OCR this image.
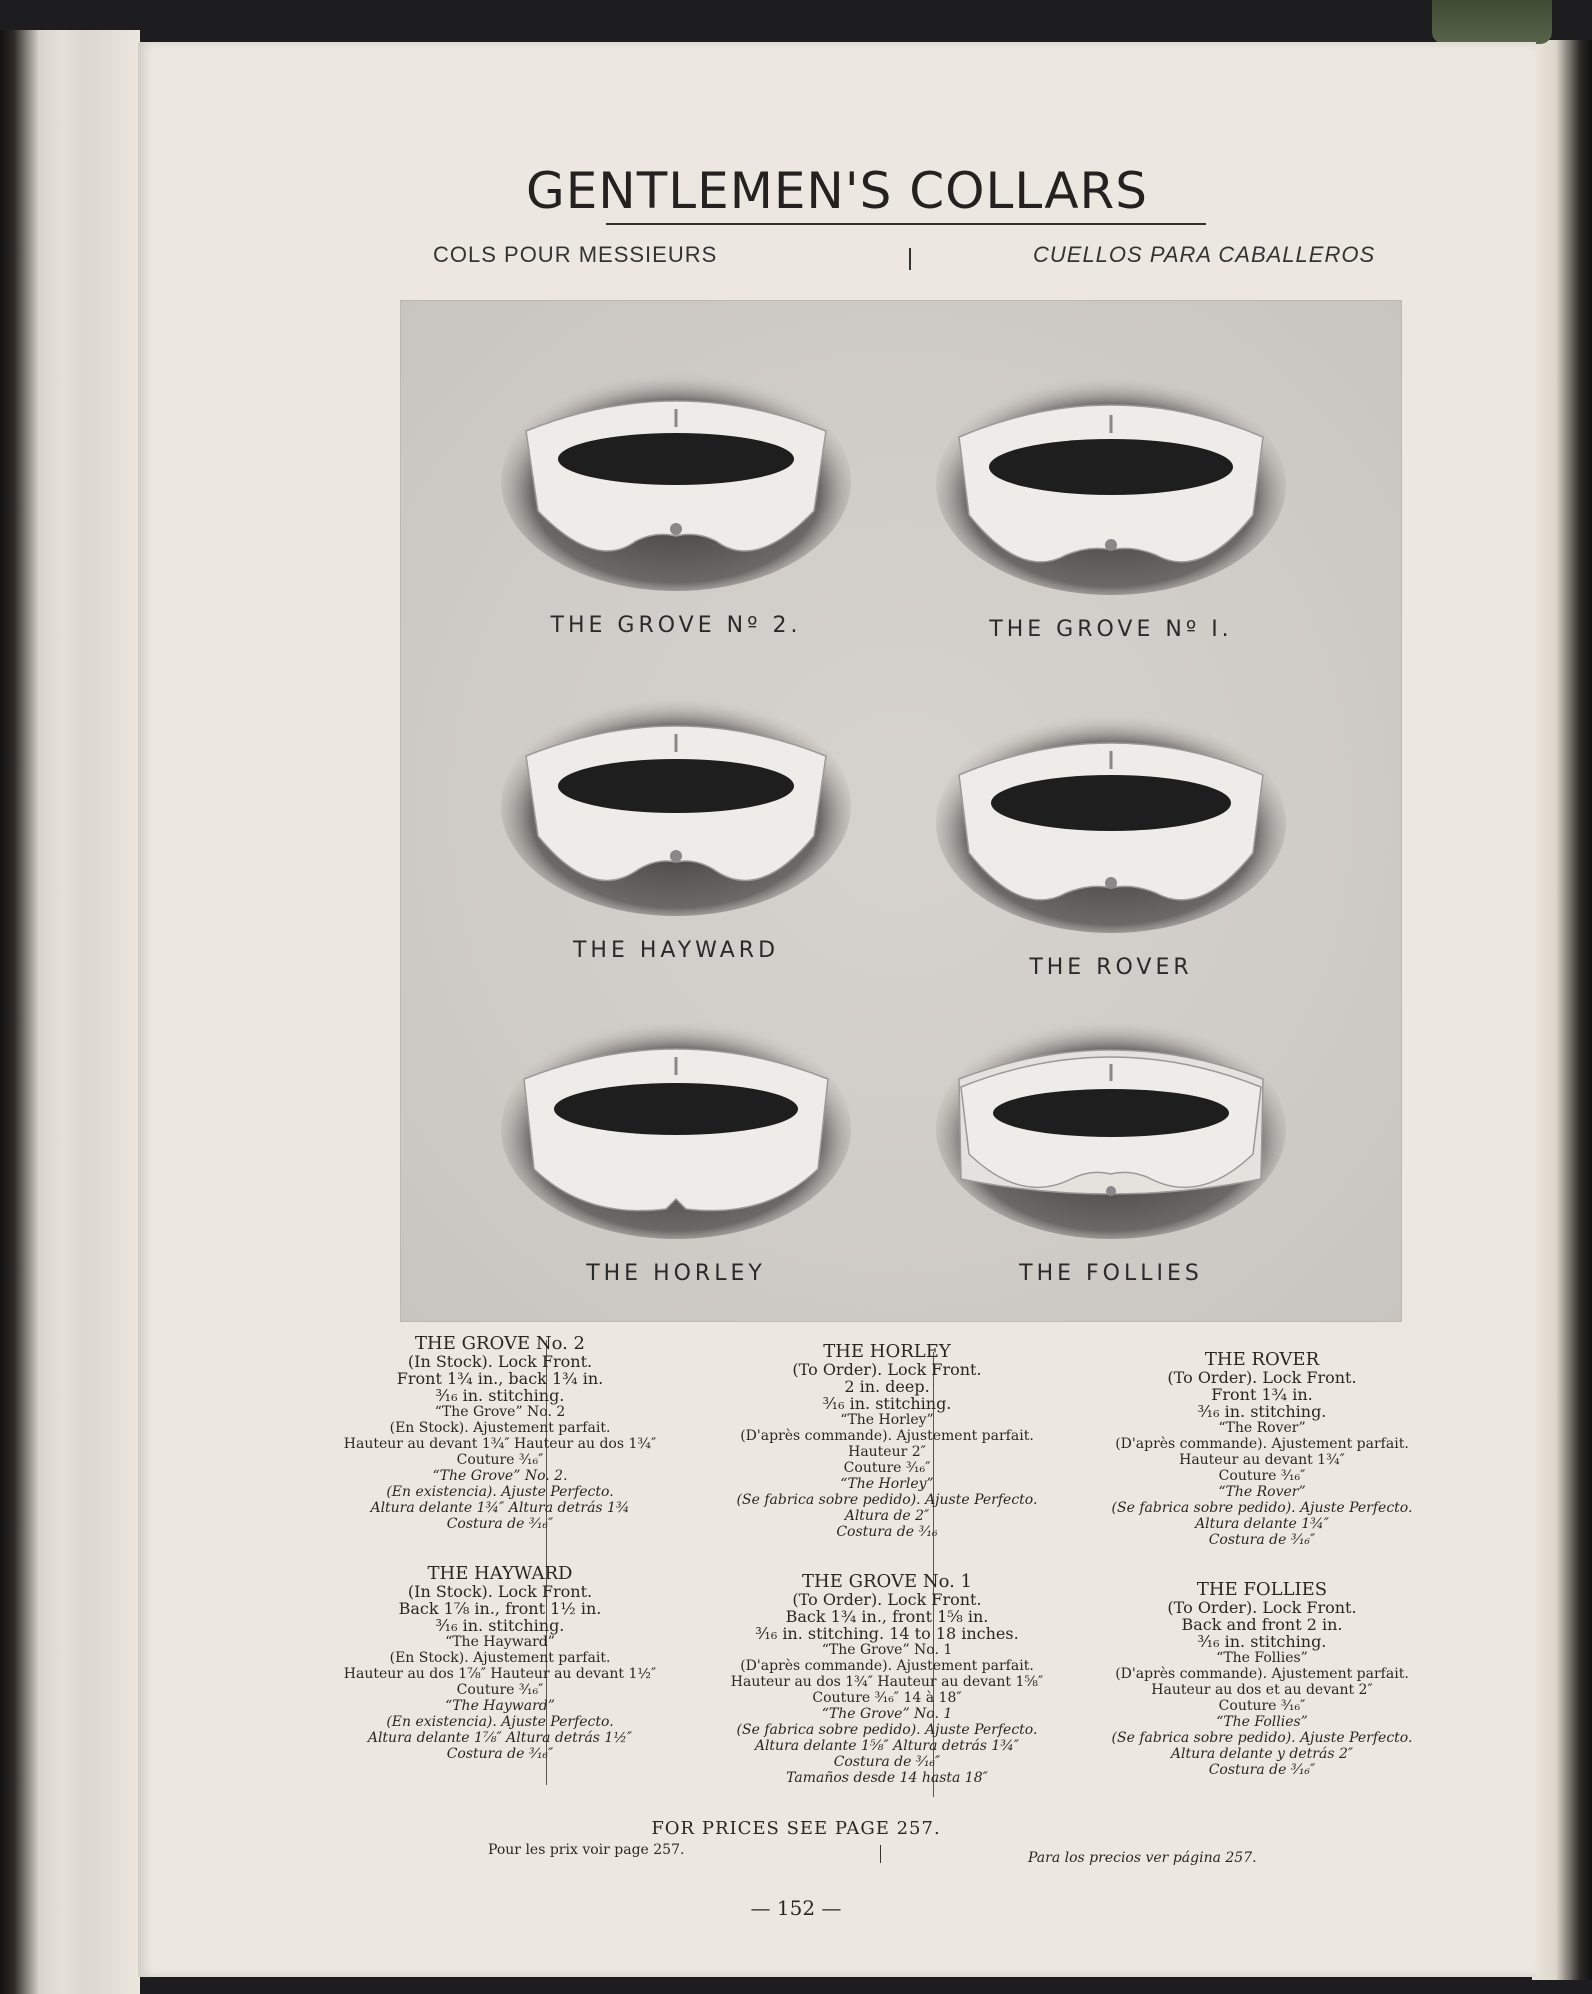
GENTLEMEN'S COLLARS
COLS POUR MESSIEURS	CUELLOS PARA CABALLEROS
THE GROVE Nº 2.	THE GROVE Nº I.
THE HAYWARD
THE ROVER
THE HORLEY	THE FOLLIES
THE GROVE No. 2
(In Stock). Lock Front.
Front 1¾ in., back 1¾ in.
³⁄₁₆ in. stitching.
“The Grove” No. 2
(En Stock). Ajustement parfait.
Hauteur au devant 1¾″ Hauteur au dos 1¾″
Couture ³⁄₁₆″
“The Grove” No. 2.
(En existencia). Ajuste Perfecto.
Altura delante 1¾″ Altura detrás 1¾
Costura de ³⁄₁₆″
THE HAYWARD
(In Stock). Lock Front.
Back 1⅞ in., front 1½ in.
³⁄₁₆ in. stitching.
“The Hayward”
(En Stock). Ajustement parfait.
Hauteur au dos 1⅞″ Hauteur au devant 1½″
Couture ³⁄₁₆″
“The Hayward”
(En existencia). Ajuste Perfecto.
Altura delante 1⅞″ Altura detrás 1½″
Costura de ³⁄₁₆″
THE HORLEY
(To Order). Lock Front.
2 in. deep.
³⁄₁₆ in. stitching.
“The Horley”
(D'après commande). Ajustement parfait.
Hauteur 2″
Couture ³⁄₁₆″
“The Horley”
(Se fabrica sobre pedido). Ajuste Perfecto.
Altura de 2″
Costura de ³⁄₁₆
THE GROVE No. 1
(To Order). Lock Front.
Back 1¾ in., front 1⅝ in.
³⁄₁₆ in. stitching. 14 to 18 inches.
“The Grove” No. 1
(D'après commande). Ajustement parfait.
Hauteur au dos 1¾″ Hauteur au devant 1⅝″
Couture ³⁄₁₆″ 14 à 18″
“The Grove” No. 1
(Se fabrica sobre pedido). Ajuste Perfecto.
Altura delante 1⅝″ Altura detrás 1¾″
Costura de ³⁄₁₆″
Tamaños desde 14 hasta 18″
THE ROVER
(To Order). Lock Front.
Front 1¾ in.
³⁄₁₆ in. stitching.
“The Rover”
(D'après commande). Ajustement parfait.
Hauteur au devant 1¾″
Couture ³⁄₁₆″
“The Rover”
(Se fabrica sobre pedido). Ajuste Perfecto.
Altura delante 1¾″
Costura de ³⁄₁₆″
THE FOLLIES
(To Order). Lock Front.
Back and front 2 in.
³⁄₁₆ in. stitching.
“The Follies”
(D'après commande). Ajustement parfait.
Hauteur au dos et au devant 2″
Couture ³⁄₁₆″
“The Follies”
(Se fabrica sobre pedido). Ajuste Perfecto.
Altura delante y detrás 2″
Costura de ³⁄₁₆″
FOR PRICES SEE PAGE 257.
Pour les prix voir page 257.	Para los precios ver página 257.
— 152 —
